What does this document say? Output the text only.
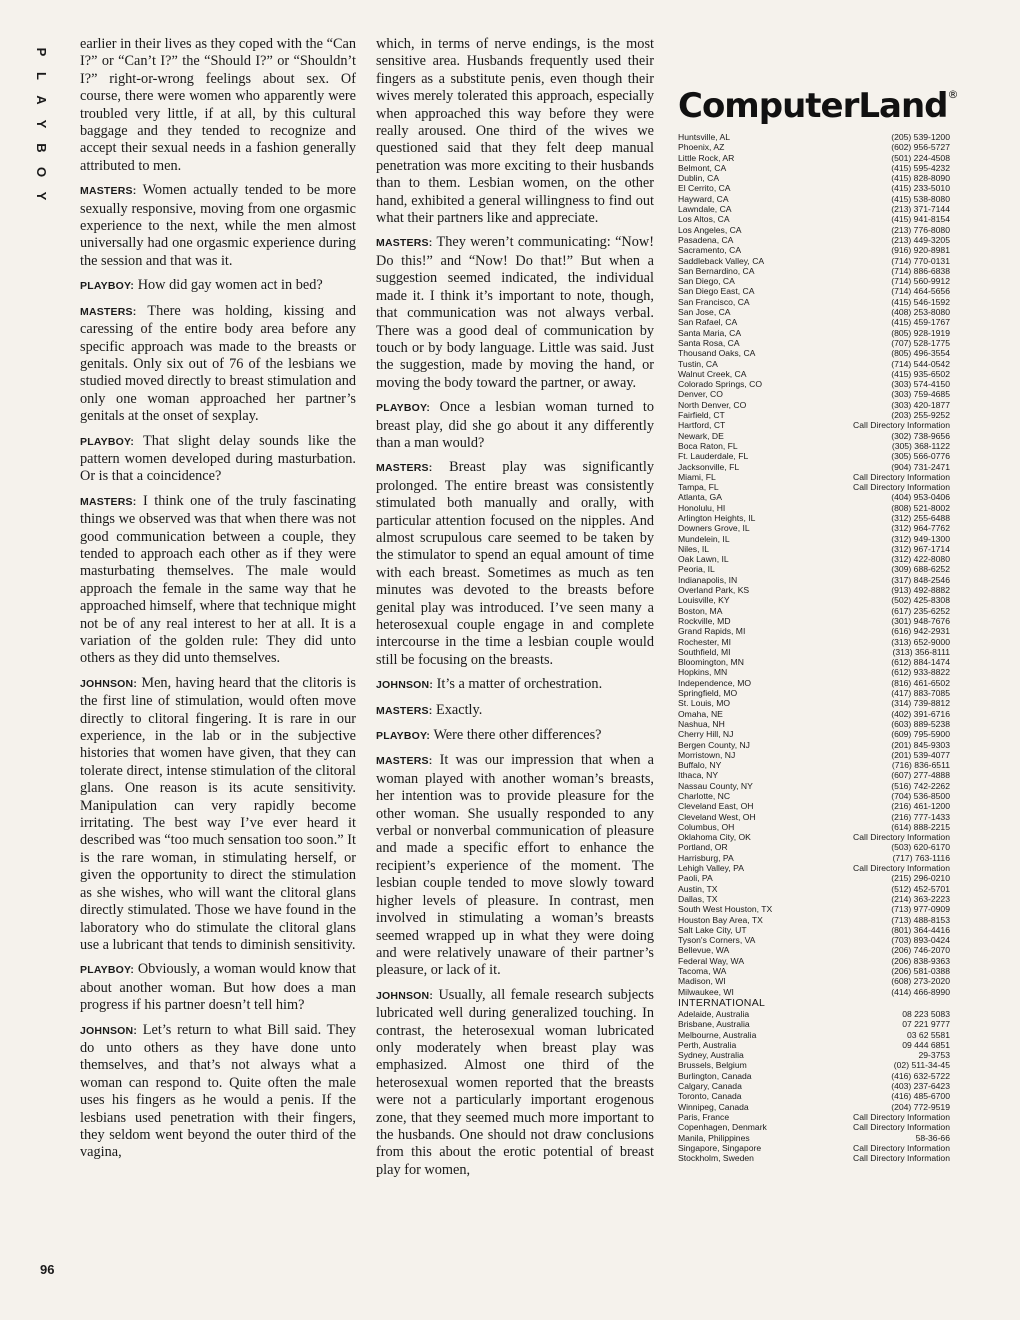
P
L
A
Y
B
O
Y

earlier in their lives as they coped with the “Can I?” or “Can’t I?” the “Should I?” or “Shouldn’t I?” right-or-wrong feelings about sex. Of course, there were women who apparently were troubled very little, if at all, by this cultural baggage and they tended to recognize and accept their sexual needs in a fashion generally attributed to men.

MASTERS: Women actually tended to be more sexually responsive, moving from one orgasmic experience to the next, while the men almost universally had one orgasmic experience during the session and that was it.

PLAYBOY: How did gay women act in bed?

MASTERS: There was holding, kissing and caressing of the entire body area before any specific approach was made to the breasts or genitals. Only six out of 76 of the lesbians we studied moved directly to breast stimulation and only one woman approached her partner’s genitals at the onset of sexplay.

PLAYBOY: That slight delay sounds like the pattern women developed during masturbation. Or is that a coincidence?

MASTERS: I think one of the truly fascinating things we observed was that when there was not good communication between a couple, they tended to approach each other as if they were masturbating themselves. The male would approach the female in the same way that he approached himself, where that technique might not be of any real interest to her at all. It is a variation of the golden rule: They did unto others as they did unto themselves.

JOHNSON: Men, having heard that the clitoris is the first line of stimulation, would often move directly to clitoral fingering. It is rare in our experience, in the lab or in the subjective histories that women have given, that they can tolerate direct, intense stimulation of the clitoral glans. One reason is its acute sensitivity. Manipulation can very rapidly become irritating. The best way I’ve ever heard it described was “too much sensation too soon.” It is the rare woman, in stimulating herself, or given the opportunity to direct the stimulation as she wishes, who will want the clitoral glans directly stimulated. Those we have found in the laboratory who do stimulate the clitoral glans use a lubricant that tends to diminish sensitivity.

PLAYBOY: Obviously, a woman would know that about another woman. But how does a man progress if his partner doesn’t tell him?

JOHNSON: Let’s return to what Bill said. They do unto others as they have done unto themselves, and that’s not always what a woman can respond to. Quite often the male uses his fingers as he would a penis. If the lesbians used penetration with their fingers, they seldom went beyond the outer third of the vagina,

which, in terms of nerve endings, is the most sensitive area. Husbands frequently used their fingers as a substitute penis, even though their wives merely tolerated this approach, especially when approached this way before they were really aroused. One third of the wives we questioned said that they felt deep manual penetration was more exciting to their husbands than to them. Lesbian women, on the other hand, exhibited a general willingness to find out what their partners like and appreciate.

MASTERS: They weren’t communicating: “Now! Do this!” and “Now! Do that!” But when a suggestion seemed indicated, the individual made it. I think it’s important to note, though, that communication was not always verbal. There was a good deal of communication by touch or by body language. Little was said. Just the suggestion, made by moving the hand, or moving the body toward the partner, or away.

PLAYBOY: Once a lesbian woman turned to breast play, did she go about it any differently than a man would?

MASTERS: Breast play was significantly prolonged. The entire breast was consistently stimulated both manually and orally, with particular attention focused on the nipples. And almost scrupulous care seemed to be taken by the stimulator to spend an equal amount of time with each breast. Sometimes as much as ten minutes was devoted to the breasts before genital play was introduced. I’ve seen many a heterosexual couple engage in and complete intercourse in the time a lesbian couple would still be focusing on the breasts.

JOHNSON: It’s a matter of orchestration.

MASTERS: Exactly.

PLAYBOY: Were there other differences?

MASTERS: It was our impression that when a woman played with another woman’s breasts, her intention was to provide pleasure for the other woman. She usually responded to any verbal or nonverbal communication of pleasure and made a specific effort to enhance the recipient’s experience of the moment. The lesbian couple tended to move slowly toward higher levels of pleasure. In contrast, men involved in stimulating a woman’s breasts seemed wrapped up in what they were doing and were relatively unaware of their partner’s pleasure, or lack of it.

JOHNSON: Usually, all female research subjects lubricated well during generalized touching. In contrast, the heterosexual woman lubricated only moderately when breast play was emphasized. Almost one third of the heterosexual women reported that the breasts were not a particularly important erogenous zone, that they seemed much more important to the husbands. One should not draw conclusions from this about the erotic potential of breast play for women,

ComputerLand®
Huntsville, AL	(205) 539-1200
Phoenix, AZ	(602) 956-5727
Little Rock, AR	(501) 224-4508
Belmont, CA	(415) 595-4232
Dublin, CA	(415) 828-8090
El Cerrito, CA	(415) 233-5010
Hayward, CA	(415) 538-8080
Lawndale, CA	(213) 371-7144
Los Altos, CA	(415) 941-8154
Los Angeles, CA	(213) 776-8080
Pasadena, CA	(213) 449-3205
Sacramento, CA	(916) 920-8981
Saddleback Valley, CA	(714) 770-0131
San Bernardino, CA	(714) 886-6838
San Diego, CA	(714) 560-9912
San Diego East, CA	(714) 464-5656
San Francisco, CA	(415) 546-1592
San Jose, CA	(408) 253-8080
San Rafael, CA	(415) 459-1767
Santa Maria, CA	(805) 928-1919
Santa Rosa, CA	(707) 528-1775
Thousand Oaks, CA	(805) 496-3554
Tustin, CA	(714) 544-0542
Walnut Creek, CA	(415) 935-6502
Colorado Springs, CO	(303) 574-4150
Denver, CO	(303) 759-4685
North Denver, CO	(303) 420-1877
Fairfield, CT	(203) 255-9252
Hartford, CT	Call Directory Information
Newark, DE	(302) 738-9656
Boca Raton, FL	(305) 368-1122
Ft. Lauderdale, FL	(305) 566-0776
Jacksonville, FL	(904) 731-2471
Miami, FL	Call Directory Information
Tampa, FL	Call Directory Information
Atlanta, GA	(404) 953-0406
Honolulu, HI	(808) 521-8002
Arlington Heights, IL	(312) 255-6488
Downers Grove, IL	(312) 964-7762
Mundelein, IL	(312) 949-1300
Niles, IL	(312) 967-1714
Oak Lawn, IL	(312) 422-8080
Peoria, IL	(309) 688-6252
Indianapolis, IN	(317) 848-2546
Overland Park, KS	(913) 492-8882
Louisville, KY	(502) 425-8308
Boston, MA	(617) 235-6252
Rockville, MD	(301) 948-7676
Grand Rapids, MI	(616) 942-2931
Rochester, MI	(313) 652-9000
Southfield, MI	(313) 356-8111
Bloomington, MN	(612) 884-1474
Hopkins, MN	(612) 933-8822
Independence, MO	(816) 461-6502
Springfield, MO	(417) 883-7085
St. Louis, MO	(314) 739-8812
Omaha, NE	(402) 391-6716
Nashua, NH	(603) 889-5238
Cherry Hill, NJ	(609) 795-5900
Bergen County, NJ	(201) 845-9303
Morristown, NJ	(201) 539-4077
Buffalo, NY	(716) 836-6511
Ithaca, NY	(607) 277-4888
Nassau County, NY	(516) 742-2262
Charlotte, NC	(704) 536-8500
Cleveland East, OH	(216) 461-1200
Cleveland West, OH	(216) 777-1433
Columbus, OH	(614) 888-2215
Oklahoma City, OK	Call Directory Information
Portland, OR	(503) 620-6170
Harrisburg, PA	(717) 763-1116
Lehigh Valley, PA	Call Directory Information
Paoli, PA	(215) 296-0210
Austin, TX	(512) 452-5701
Dallas, TX	(214) 363-2223
South West Houston, TX	(713) 977-0909
Houston Bay Area, TX	(713) 488-8153
Salt Lake City, UT	(801) 364-4416
Tyson's Corners, VA	(703) 893-0424
Bellevue, WA	(206) 746-2070
Federal Way, WA	(206) 838-9363
Tacoma, WA	(206) 581-0388
Madison, WI	(608) 273-2020
Milwaukee, WI	(414) 466-8990
INTERNATIONAL
Adelaide, Australia	08 223 5083
Brisbane, Australia	07 221 9777
Melbourne, Australia	03 62 5581
Perth, Australia	09 444 6851
Sydney, Australia	29-3753
Brussels, Belgium	(02) 511-34-45
Burlington, Canada	(416) 632-5722
Calgary, Canada	(403) 237-6423
Toronto, Canada	(416) 485-6700
Winnipeg, Canada	(204) 772-9519
Paris, France	Call Directory Information
Copenhagen, Denmark	Call Directory Information
Manila, Philippines	58-36-66
Singapore, Singapore	Call Directory Information
Stockholm, Sweden	Call Directory Information
96
